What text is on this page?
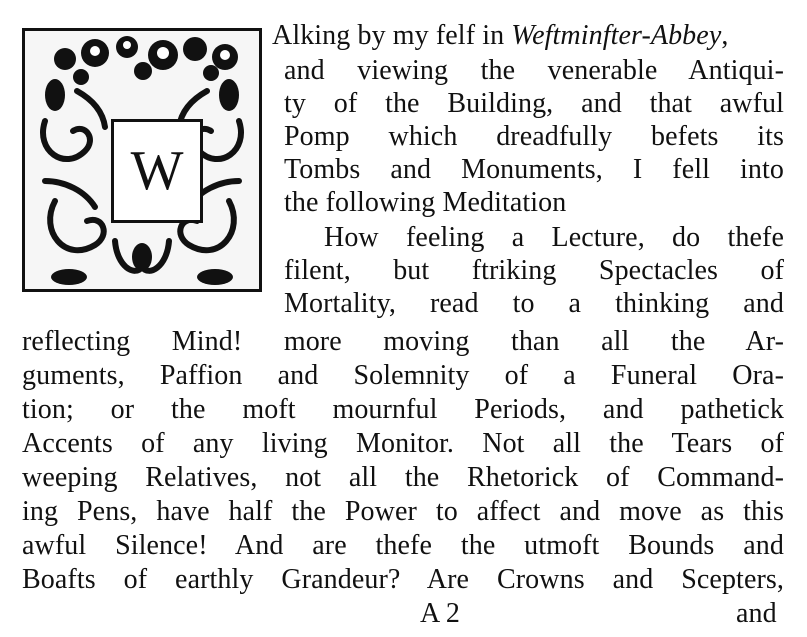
W
Alking by my felf in Weftminfter-Abbey,
and viewing the venerable Antiqui-
ty of the Building, and that awful
Pomp which dreadfully befets its
Tombs and Monuments, I fell into
the following Meditation
How feeling a Lecture, do thefe
filent, but ftriking Spectacles of
Mortality, read to a thinking and
reflecting Mind! more moving than all the Ar-
guments, Paffion and Solemnity of a Funeral Ora-
tion; or the moft mournful Periods, and pathetick
Accents of any living Monitor. Not all the Tears of
weeping Relatives, not all the Rhetorick of Command-
ing Pens, have half the Power to affect and move as this
awful Silence! And are thefe the utmoft Bounds and
Boafts of earthly Grandeur? Are Crowns and Scepters,
A 2	and
